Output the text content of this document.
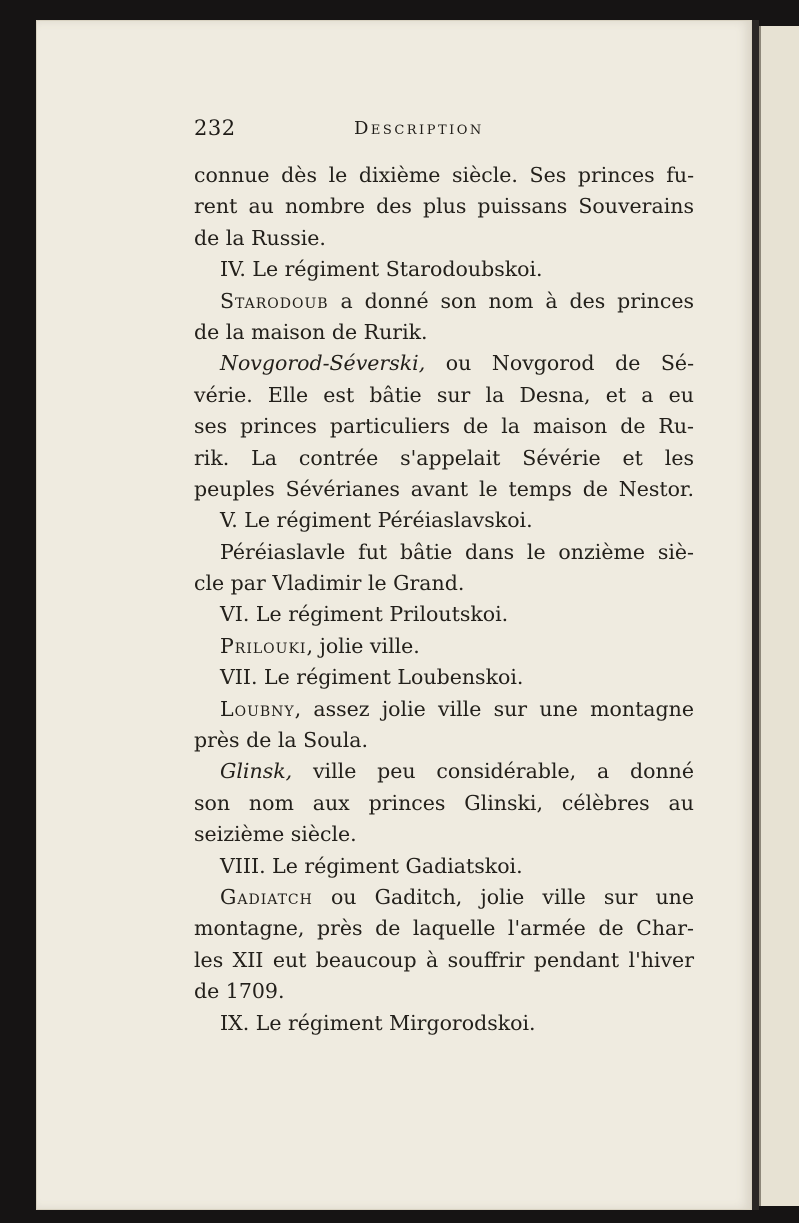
232	Description
connue dès le dixième siècle. Ses princes fu-
rent au nombre des plus puissans Souverains
de la Russie.
IV. Le régiment Starodoubskoi.
Starodoub a donné son nom à des princes
de la maison de Rurik.
Novgorod-Séverski, ou Novgorod de Sé-
vérie. Elle est bâtie sur la Desna, et a eu
ses princes particuliers de la maison de Ru-
rik. La contrée s'appelait Sévérie et les
peuples Sévérianes avant le temps de Nestor.
V. Le régiment Péréiaslavskoi.
Péréiaslavle fut bâtie dans le onzième siè-
cle par Vladimir le Grand.
VI. Le régiment Priloutskoi.
Prilouki, jolie ville.
VII. Le régiment Loubenskoi.
Loubny, assez jolie ville sur une montagne
près de la Soula.
Glinsk, ville peu considérable, a donné
son nom aux princes Glinski, célèbres au
seizième siècle.
VIII. Le régiment Gadiatskoi.
Gadiatch ou Gaditch, jolie ville sur une
montagne, près de laquelle l'armée de Char-
les XII eut beaucoup à souffrir pendant l'hiver
de 1709.
IX. Le régiment Mirgorodskoi.
